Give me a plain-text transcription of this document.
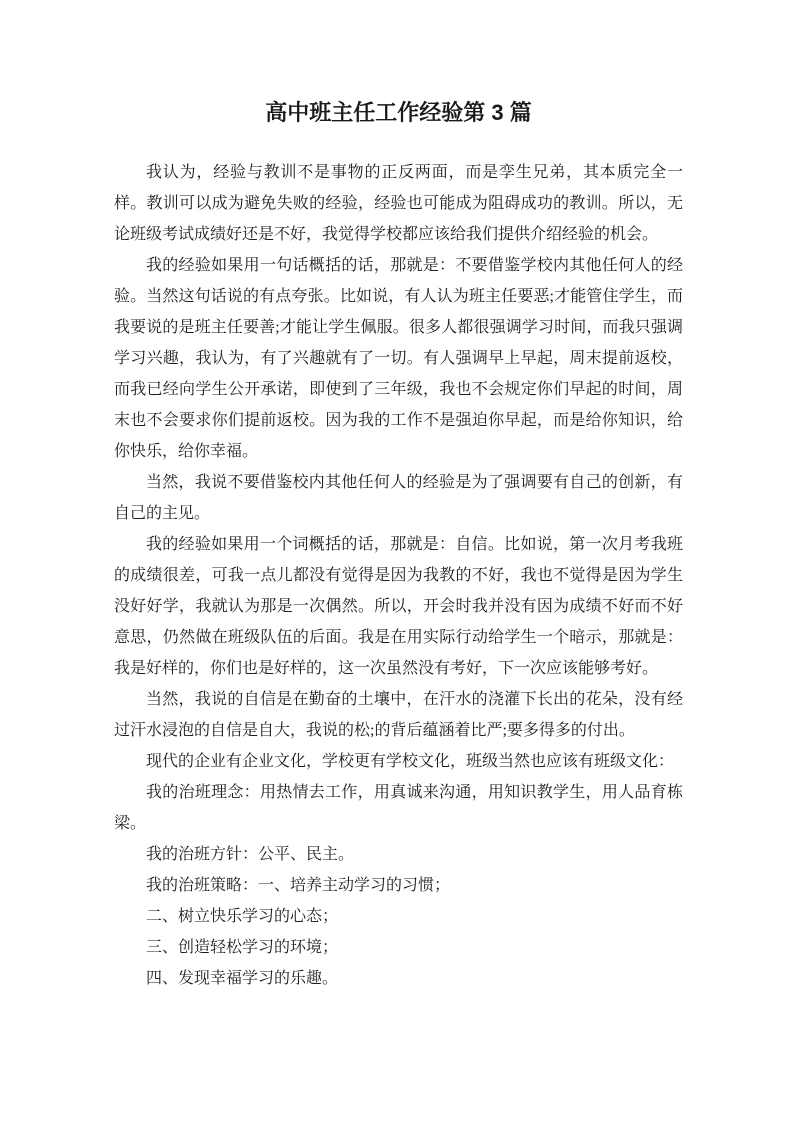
高中班主任工作经验第 3 篇

我认为，经验与教训不是事物的正反两面，而是孪生兄弟，其本质完全一样。教训可以成为避免失败的经验，经验也可能成为阻碍成功的教训。所以，无论班级考试成绩好还是不好，我觉得学校都应该给我们提供介绍经验的机会。

我的经验如果用一句话概括的话，那就是：不要借鉴学校内其他任何人的经验。当然这句话说的有点夸张。比如说，有人认为班主任要恶;才能管住学生，而我要说的是班主任要善;才能让学生佩服。很多人都很强调学习时间，而我只强调学习兴趣，我认为，有了兴趣就有了一切。有人强调早上早起，周末提前返校，而我已经向学生公开承诺，即使到了三年级，我也不会规定你们早起的时间，周末也不会要求你们提前返校。因为我的工作不是强迫你早起，而是给你知识，给你快乐，给你幸福。

当然，我说不要借鉴校内其他任何人的经验是为了强调要有自己的创新，有自己的主见。

我的经验如果用一个词概括的话，那就是：自信。比如说，第一次月考我班的成绩很差，可我一点儿都没有觉得是因为我教的不好，我也不觉得是因为学生没好好学，我就认为那是一次偶然。所以，开会时我并没有因为成绩不好而不好意思，仍然做在班级队伍的后面。我是在用实际行动给学生一个暗示，那就是：我是好样的，你们也是好样的，这一次虽然没有考好，下一次应该能够考好。

当然，我说的自信是在勤奋的土壤中，在汗水的浇灌下长出的花朵，没有经过汗水浸泡的自信是自大，我说的松;的背后蕴涵着比严;要多得多的付出。

现代的企业有企业文化，学校更有学校文化，班级当然也应该有班级文化：

我的治班理念：用热情去工作，用真诚来沟通，用知识教学生，用人品育栋梁。

我的治班方针：公平、民主。

我的治班策略：一、培养主动学习的习惯；

二、树立快乐学习的心态；

三、创造轻松学习的环境；

四、发现幸福学习的乐趣。
